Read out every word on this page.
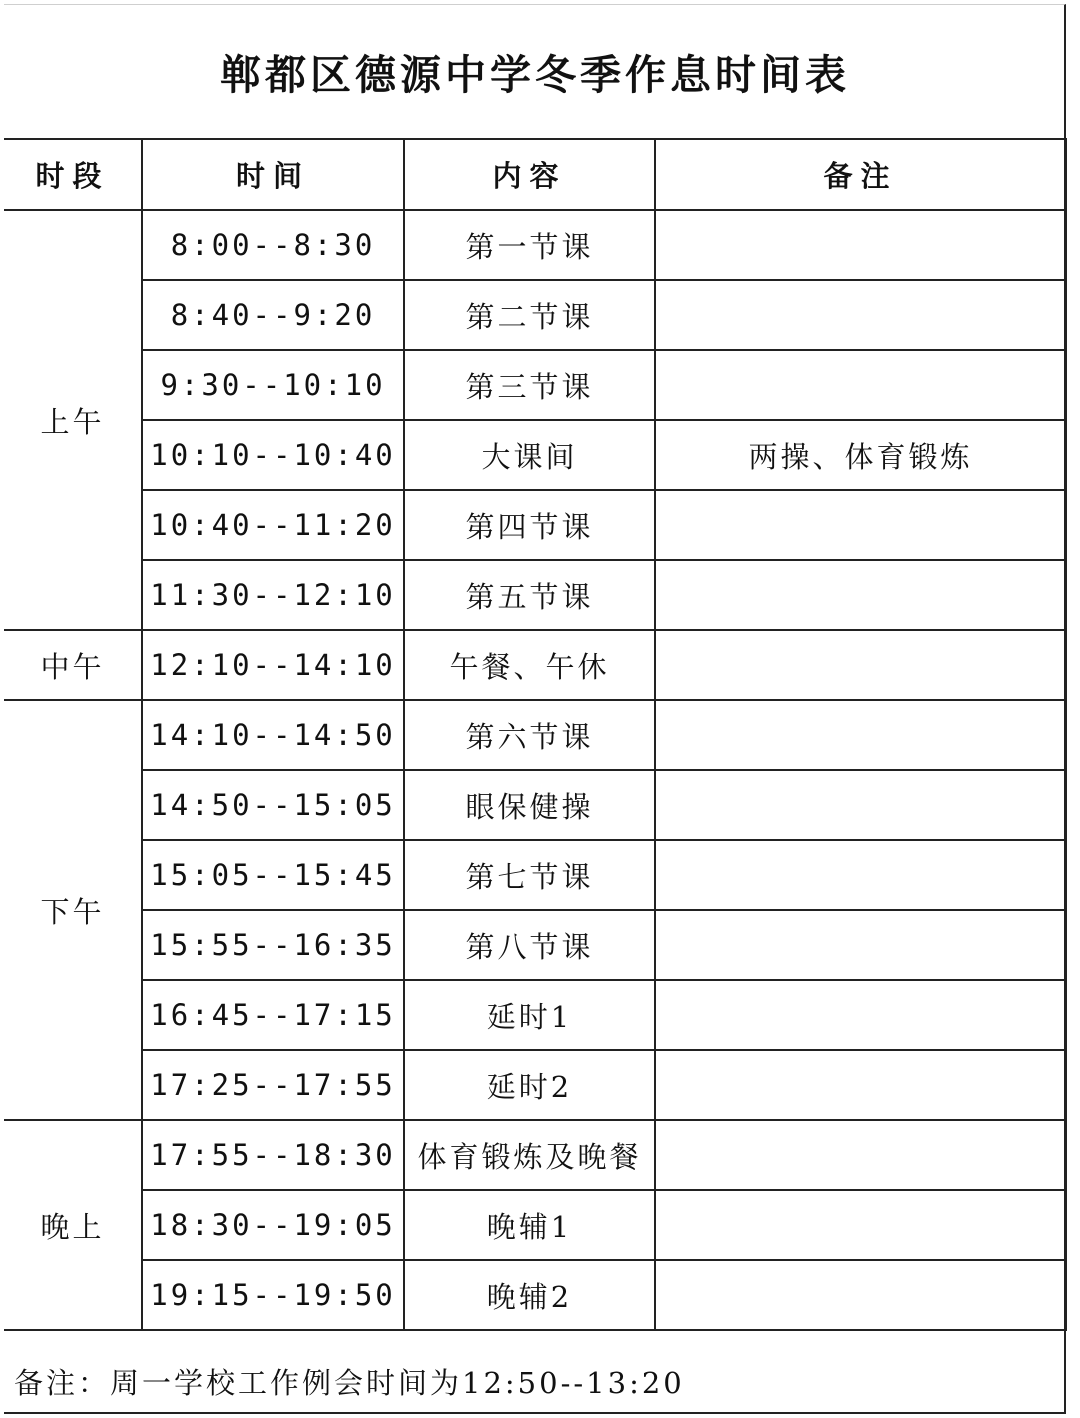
郸都区德源中学冬季作息时间表
时段	时间	内容	备注
上午	8:00--8:30	第一节课	
	8:40--9:20	第二节课	
	9:30--10:10	第三节课	
	10:10--10:40	大课间	两操、体育锻炼
	10:40--11:20	第四节课	
	11:30--12:10	第五节课	
中午	12:10--14:10	午餐、午休	
下午	14:10--14:50	第六节课	
	14:50--15:05	眼保健操	
	15:05--15:45	第七节课	
	15:55--16:35	第八节课	
	16:45--17:15	延时1	
	17:25--17:55	延时2	
晚上	17:55--18:30	体育锻炼及晚餐	
	18:30--19:05	晚辅1	
	19:15--19:50	晚辅2	
备注：周一学校工作例会时间为12:50--13:20
